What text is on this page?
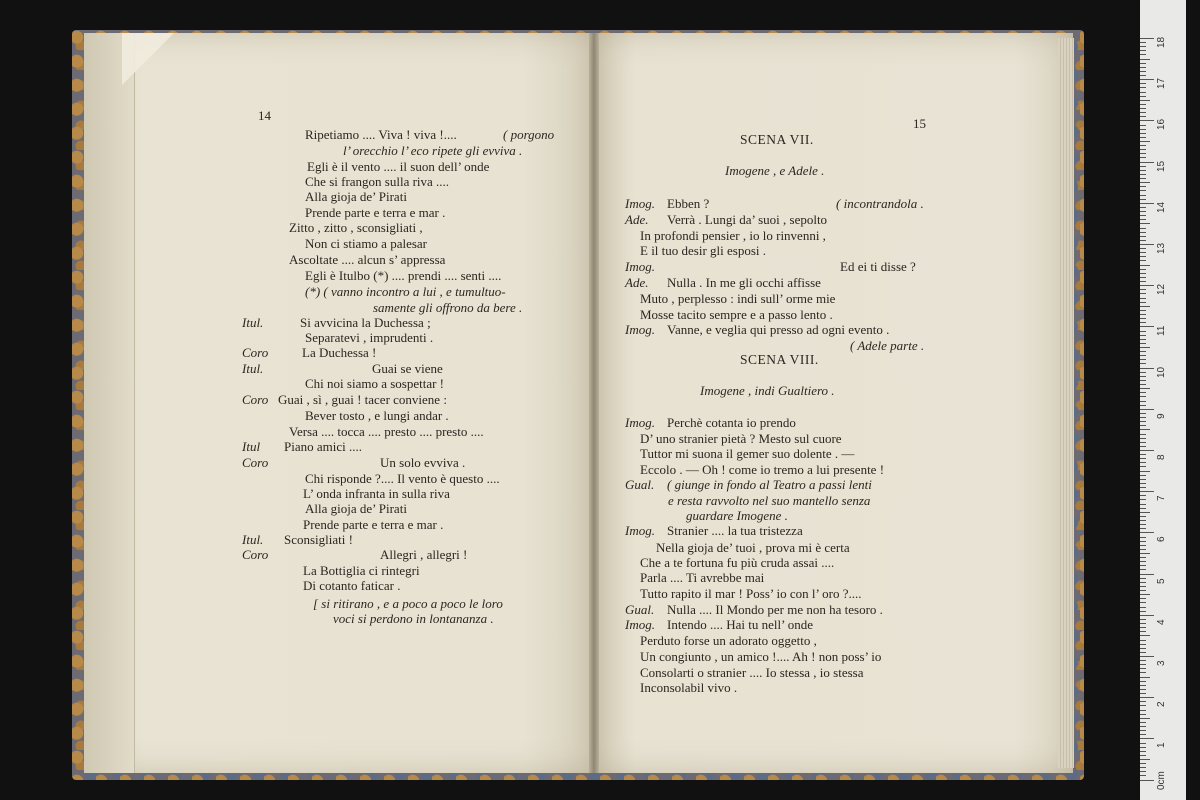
14
15
Ripetiamo .... Viva ! viva !....	( porgono
l’ orecchio l’ eco ripete gli evviva .
Egli è il vento .... il suon dell’ onde
Che si frangon sulla riva ....
Alla gioja de’ Pirati
Prende parte e terra e mar .
Zitto , zitto , sconsigliati ,
Non ci stiamo a palesar
Ascoltate .... alcun s’ appressa
Egli è Itulbo (*) .... prendi .... senti ....
(*) ( vanno incontro a lui , e tumultuo-
samente gli offrono da bere .
Itul.	Si avvicina la Duchessa ;
Separatevi , imprudenti .
Coro	La Duchessa !
Itul.	Guai se viene
Chi noi siamo a sospettar !
Coro Guai , sì , guai ! tacer conviene :
Bever tosto , e lungi andar .
Versa .... tocca .... presto .... presto ....
Itul Piano amici ....
Coro	Un solo evviva .
Chi risponde ?.... Il vento è questo ....
L’ onda infranta in sulla riva
Alla gioja de’ Pirati
Prende parte e terra e mar .
Itul. Sconsigliati !
Coro	Allegri , allegri !
La Bottiglia ci rintegri
Di cotanto faticar .
[ si ritirano , e a poco a poco le loro
voci si perdono in lontananza .
SCENA VII.
Imogene , e Adele .
SCENA VIII.
Imogene , indi Gualtiero .
Imog. Ebben ?	( incontrandola .
Ade. Verrà . Lungi da’ suoi , sepolto
In profondi pensier , io lo rinvenni ,
E il tuo desir gli esposi .
Imog.	Ed ei ti disse ?
Ade. Nulla . In me gli occhi affisse
Muto , perplesso : indi sull’ orme mie
Mosse tacito sempre e a passo lento .
Imog. Vanne, e veglia qui presso ad ogni evento .
( Adele parte .
Imog. Perchè cotanta io prendo
D’ uno stranier pietà ? Mesto sul cuore
Tuttor mi suona il gemer suo dolente . —
Eccolo . — Oh ! come io tremo a lui presente !
Gual. ( giunge in fondo al Teatro a passi lenti
e resta ravvolto nel suo mantello senza
guardare Imogene .
Imog. Stranier .... la tua tristezza
Nella gioja de’ tuoi , prova mi è certa
Che a te fortuna fu più cruda assai ....
Parla .... Ti avrebbe mai
Tutto rapito il mar ! Poss’ io con l’ oro ?....
Gual. Nulla .... Il Mondo per me non ha tesoro .
Imog. Intendo .... Hai tu nell’ onde
Perduto forse un adorato oggetto ,
Un congiunto , un amico !.... Ah ! non poss’ io
Consolarti o stranier .... Io stessa , io stessa
Inconsolabil vivo .
18
17
16
15
14
13
12
11
10
9
8
7
6
5
4
3
2
1
0cm
